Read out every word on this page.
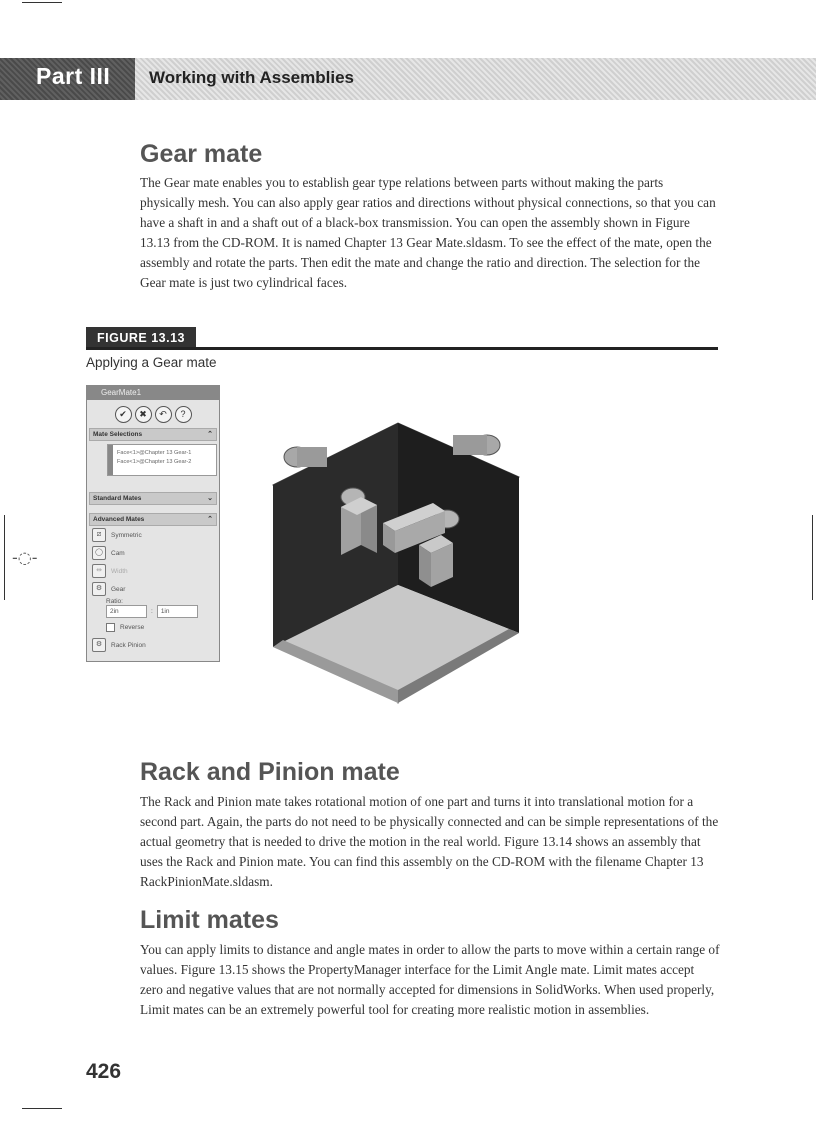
-◌-
Part III Working with Assemblies
Gear mate
The Gear mate enables you to establish gear type relations between parts without making the parts physically mesh. You can also apply gear ratios and directions without physical connections, so that you can have a shaft in and a shaft out of a black-box transmission. You can open the assembly shown in Figure 13.13 from the CD-ROM. It is named Chapter 13 Gear Mate.sldasm. To see the effect of the mate, open the assembly and rotate the parts. Then edit the mate and change the ratio and direction. The selection for the Gear mate is just two cylindrical faces.
FIGURE 13.13
Applying a Gear mate
GearMate1
✔	✖	↶	?
Mate Selections	⌃
Face<1>@Chapter 13 Gear-1
Face<1>@Chapter 13 Gear-2
Standard Mates	⌄
Advanced Mates	⌃
⧄	Symmetric
◯	Cam
⇹	Width
⚙	Gear
Ratio:
2in	:	1in
Reverse
⚙	Rack Pinion
Rack and Pinion mate
The Rack and Pinion mate takes rotational motion of one part and turns it into translational motion for a second part. Again, the parts do not need to be physically connected and can be simple representations of the actual geometry that is needed to drive the motion in the real world. Figure 13.14 shows an assembly that uses the Rack and Pinion mate. You can find this assembly on the CD-ROM with the filename Chapter 13 RackPinionMate.sldasm.
Limit mates
You can apply limits to distance and angle mates in order to allow the parts to move within a certain range of values. Figure 13.15 shows the PropertyManager interface for the Limit Angle mate. Limit mates accept zero and negative values that are not normally accepted for dimensions in SolidWorks. When used properly, Limit mates can be an extremely powerful tool for creating more realistic motion in assemblies.
426
